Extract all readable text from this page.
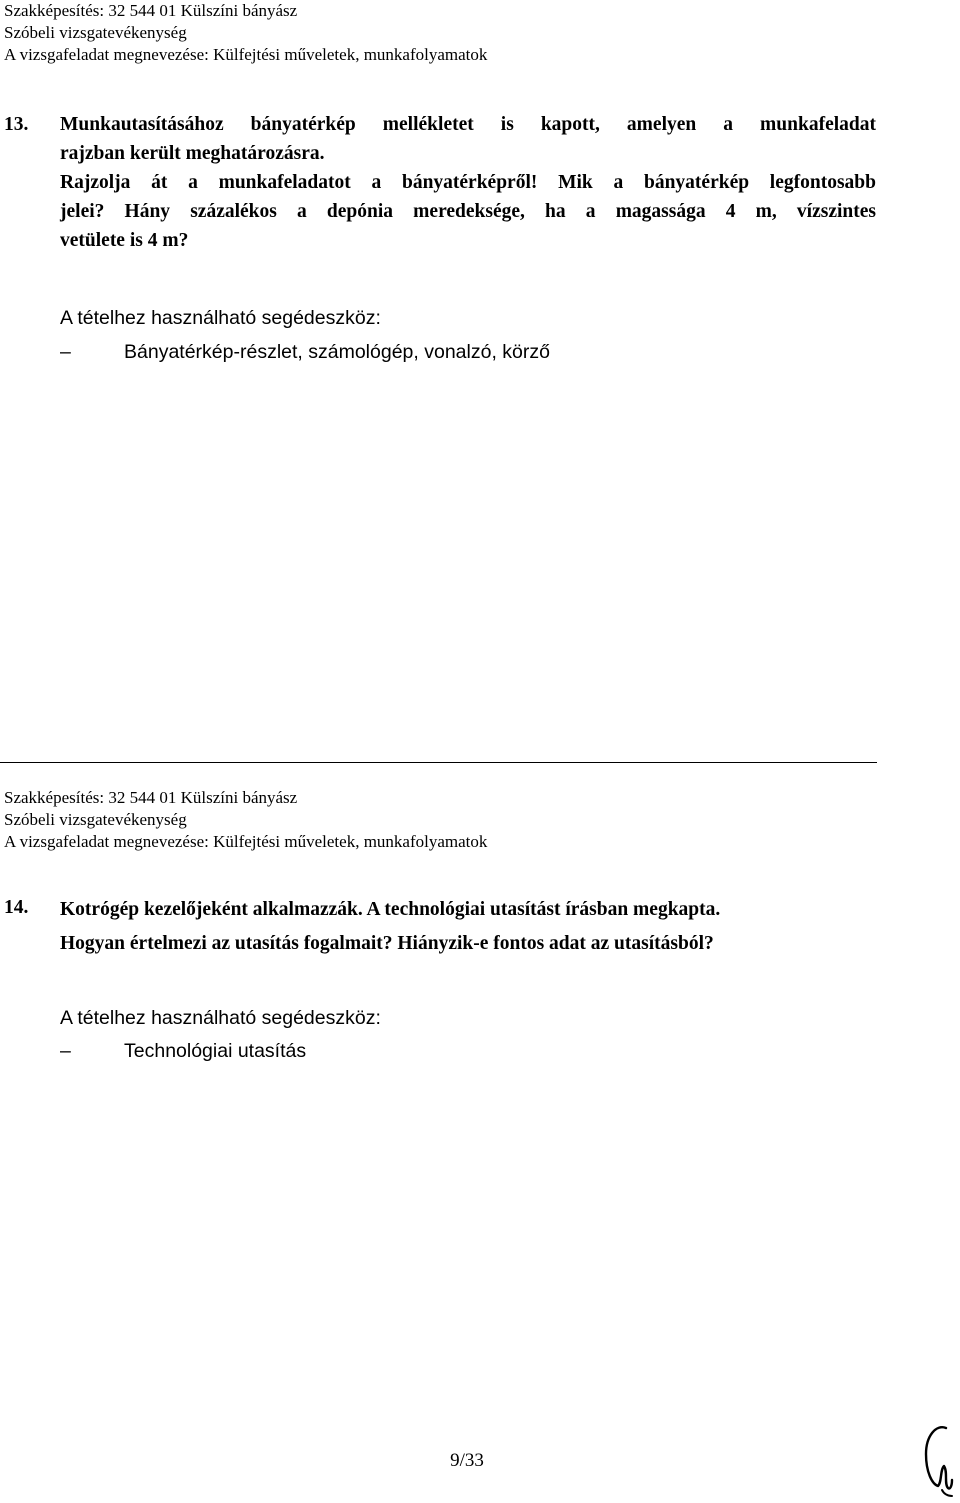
Szakképesítés: 32 544 01 Külszíni bányász
Szóbeli vizsgatevékenység
A vizsgafeladat megnevezése: Külfejtési műveletek, munkafolyamatok
13. Munkautasításához bányatérkép mellékletet is kapott, amelyen a munkafeladat

rajzban került meghatározásra.

Rajzolja át a munkafeladatot a bányatérképről! Mik a bányatérkép legfontosabb

jelei? Hány százalékos a depónia meredeksége, ha a magassága 4 m, vízszintes

vetülete is 4 m?

A tételhez használható segédeszköz:
–	Bányatérkép-részlet, számológép, vonalzó, körző
Szakképesítés: 32 544 01 Külszíni bányász
Szóbeli vizsgatevékenység
A vizsgafeladat megnevezése: Külfejtési műveletek, munkafolyamatok
14. Kotrógép kezelőjeként alkalmazzák. A technológiai utasítást írásban megkapta.

Hogyan értelmezi az utasítás fogalmait? Hiányzik-e fontos adat az utasításból?

A tételhez használható segédeszköz:
–	Technológiai utasítás
9/33
